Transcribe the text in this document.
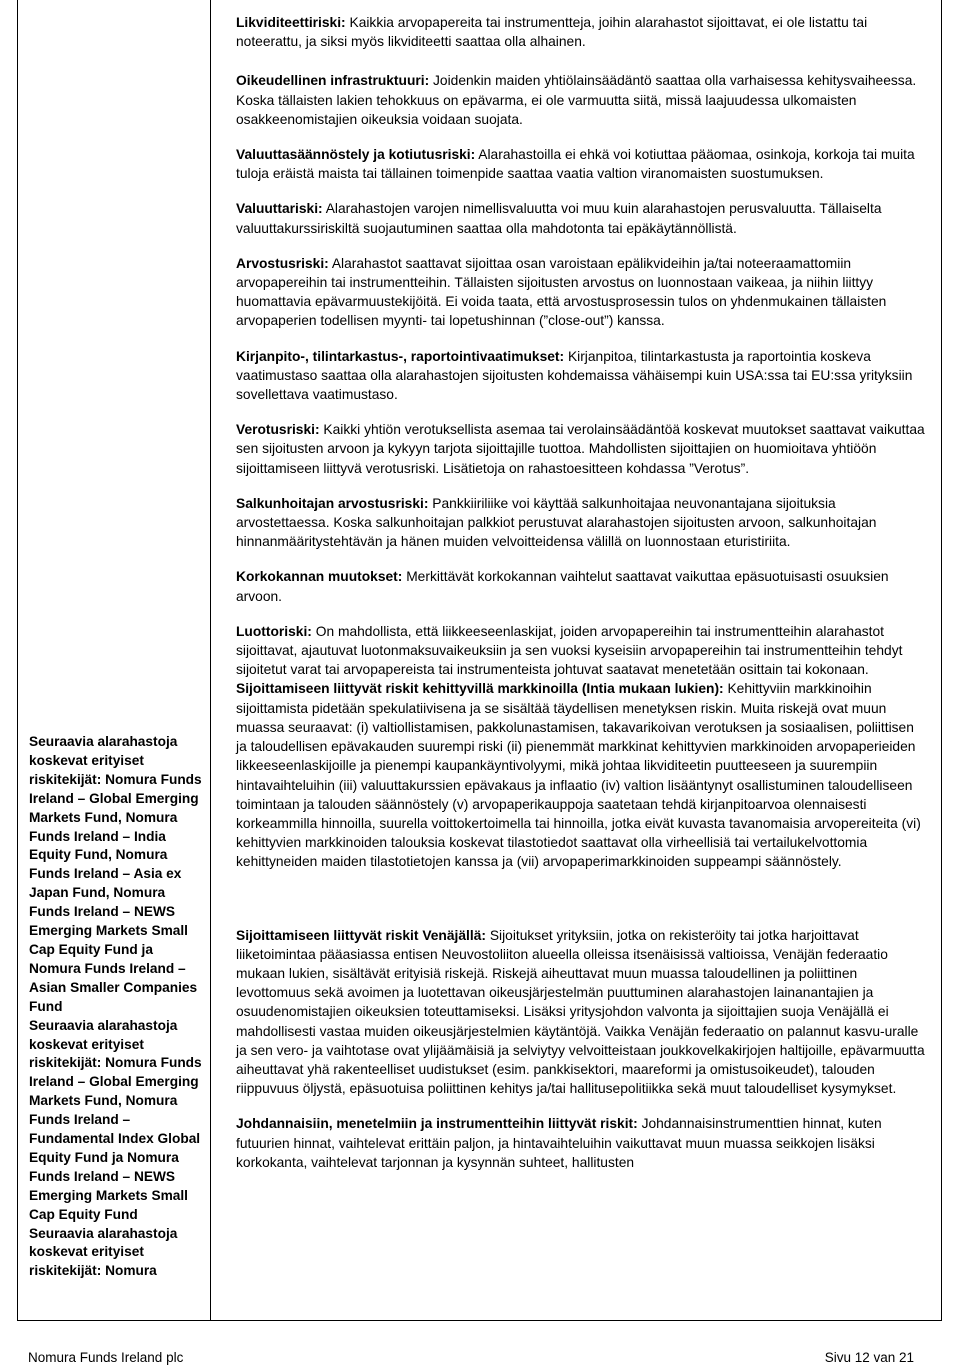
Seuraavia alarahastoja koskevat erityiset riskitekijät: Nomura Funds Ireland – Global Emerging Markets Fund, Nomura Funds Ireland – India Equity Fund, Nomura Funds Ireland – Asia ex Japan Fund, Nomura Funds Ireland – NEWS Emerging Markets Small Cap Equity Fund ja Nomura Funds Ireland – Asian Smaller Companies Fund

Seuraavia alarahastoja koskevat erityiset riskitekijät: Nomura Funds Ireland – Global Emerging Markets Fund, Nomura Funds Ireland – Fundamental Index Global Equity Fund ja Nomura Funds Ireland – NEWS Emerging Markets Small Cap Equity Fund

Seuraavia alarahastoja koskevat erityiset riskitekijät: Nomura

Likviditeettiriski: Kaikkia arvopapereita tai instrumentteja, joihin alarahastot sijoittavat, ei ole listattu tai noteerattu, ja siksi myös likviditeetti saattaa olla alhainen.

Oikeudellinen infrastruktuuri: Joidenkin maiden yhtiölainsäädäntö saattaa olla varhaisessa kehitysvaiheessa. Koska tällaisten lakien tehokkuus on epävarma, ei ole varmuutta siitä, missä laajuudessa ulkomaisten osakkeenomistajien oikeuksia voidaan suojata.

Valuuttasäännöstely ja kotiutusriski: Alarahastoilla ei ehkä voi kotiuttaa pääomaa, osinkoja, korkoja tai muita tuloja eräistä maista tai tällainen toimenpide saattaa vaatia valtion viranomaisten suostumuksen.

Valuuttariski: Alarahastojen varojen nimellisvaluutta voi muu kuin alarahastojen perusvaluutta. Tällaiselta valuuttakurssiriskiltä suojautuminen saattaa olla mahdotonta tai epäkäytännöllistä.

Arvostusriski: Alarahastot saattavat sijoittaa osan varoistaan epälikvideihin ja/tai noteeraamattomiin arvopapereihin tai instrumentteihin. Tällaisten sijoitusten arvostus on luonnostaan vaikeaa, ja niihin liittyy huomattavia epävarmuustekijöitä. Ei voida taata, että arvostusprosessin tulos on yhdenmukainen tällaisten arvopaperien todellisen myynti- tai lopetushinnan (”close-out”) kanssa.

Kirjanpito-, tilintarkastus-, raportointivaatimukset: Kirjanpitoa, tilintarkastusta ja raportointia koskeva vaatimustaso saattaa olla alarahastojen sijoitusten kohdemaissa vähäisempi kuin USA:ssa tai EU:ssa yrityksiin sovellettava vaatimustaso.

Verotusriski: Kaikki yhtiön verotuksellista asemaa tai verolainsäädäntöä koskevat muutokset saattavat vaikuttaa sen sijoitusten arvoon ja kykyyn tarjota sijoittajille tuottoa. Mahdollisten sijoittajien on huomioitava yhtiöön sijoittamiseen liittyvä verotusriski. Lisätietoja on rahastoesitteen kohdassa ”Verotus”.

Salkunhoitajan arvostusriski: Pankkiiriliike voi käyttää salkunhoitajaa neuvonantajana sijoituksia arvostettaessa. Koska salkunhoitajan palkkiot perustuvat alarahastojen sijoitusten arvoon, salkunhoitajan hinnanmääritystehtävän ja hänen muiden velvoitteidensa välillä on luonnostaan eturistiriita.

Korkokannan muutokset: Merkittävät korkokannan vaihtelut saattavat vaikuttaa epäsuotuisasti osuuksien arvoon.

Luottoriski: On mahdollista, että liikkeeseenlaskijat, joiden arvopapereihin tai instrumentteihin alarahastot sijoittavat, ajautuvat luotonmaksuvaikeuksiin ja sen vuoksi kyseisiin arvopapereihin tai instrumentteihin tehdyt sijoitetut varat tai arvopapereista tai instrumenteista johtuvat saatavat menetetään osittain tai kokonaan.

Sijoittamiseen liittyvät riskit kehittyvillä markkinoilla (Intia mukaan lukien): Kehittyviin markkinoihin sijoittamista pidetään spekulatiivisena ja se sisältää täydellisen menetyksen riskin. Muita riskejä ovat muun muassa seuraavat: (i) valtiollistamisen, pakkolunastamisen, takavarikoivan verotuksen ja sosiaalisen, poliittisen ja taloudellisen epävakauden suurempi riski (ii) pienemmät markkinat kehittyvien markkinoiden arvopaperieiden likkeeseenlaskijoille ja pienempi kaupankäyntivolyymi, mikä johtaa likviditeetin puutteeseen ja suurempiin hintavaihteluihin (iii) valuuttakurssien epävakaus ja inflaatio (iv) valtion lisääntynyt osallistuminen taloudelliseen toimintaan ja talouden säännöstely (v) arvopaperikauppoja saatetaan tehdä kirjanpitoarvoa olennaisesti korkeammilla hinnoilla, suurella voittokertoimella tai hinnoilla, jotka eivät kuvasta tavanomaisia arvopereiteita (vi) kehittyvien markkinoiden talouksia koskevat tilastotiedot saattavat olla virheellisiä tai vertailukelvottomia kehittyneiden maiden tilastotietojen kanssa ja (vii) arvopaperimarkkinoiden suppeampi säännöstely.

Sijoittamiseen liittyvät riskit Venäjällä: Sijoitukset yrityksiin, jotka on rekisteröity tai jotka harjoittavat liiketoimintaa pääasiassa entisen Neuvostoliiton alueella olleissa itsenäisissä valtioissa, Venäjän federaatio mukaan lukien, sisältävät erityisiä riskejä. Riskejä aiheuttavat muun muassa taloudellinen ja poliittinen levottomuus sekä avoimen ja luotettavan oikeusjärjestelmän puuttuminen alarahastojen lainanantajien ja osuudenomistajien oikeuksien toteuttamiseksi. Lisäksi yritysjohdon valvonta ja sijoittajien suoja Venäjällä ei mahdollisesti vastaa muiden oikeusjärjestelmien käytäntöjä. Vaikka Venäjän federaatio on palannut kasvu-uralle ja sen vero- ja vaihtotase ovat ylijäämäisiä ja selviytyy velvoitteistaan joukkovelkakirjojen haltijoille, epävarmuutta aiheuttavat yhä rakenteelliset uudistukset (esim. pankkisektori, maareformi ja omistusoikeudet), talouden riippuvuus öljystä, epäsuotuisa poliittinen kehitys ja/tai hallitusepolitiikka sekä muut taloudelliset kysymykset.

Johdannaisiin, menetelmiin ja instrumentteihin liittyvät riskit: Johdannaisinstrumenttien hinnat, kuten futuurien hinnat, vaihtelevat erittäin paljon, ja hintavaihteluihin vaikuttavat muun muassa seikkojen lisäksi korkokanta, vaihtelevat tarjonnan ja kysynnän suhteet, hallitusten

Nomura Funds Ireland plc	Sivu 12 van 21
